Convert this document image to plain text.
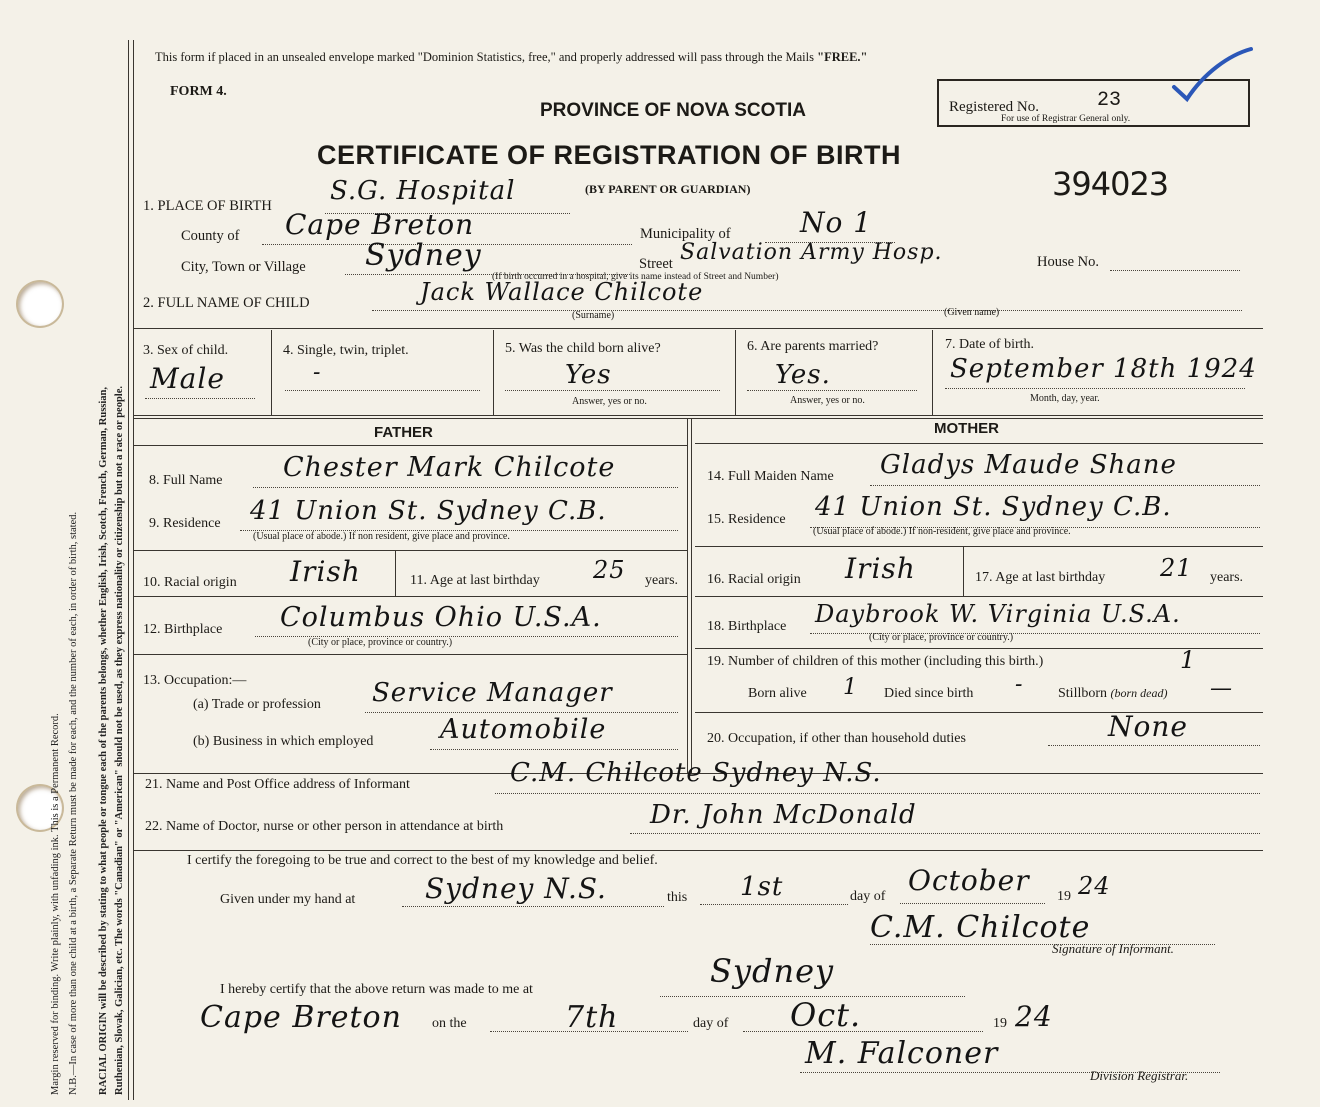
Margin reserved for binding. Write plainly, with unfading ink. This is a Permanent Record. N.B.—In case of more than one child at a birth, a Separate Return must be made for each, and the number of each, in order of birth, stated. RACIAL ORIGIN will be described by stating to what people or tongue each of the parents belongs, whether English, Irish, Scotch, French, German, Russian, Ruthenian, Slovak, Galician, etc. The words "Canadian" or "American" should not be used, as they express nationality or citizenship but not a race or people.
This form if placed in an unsealed envelope marked "Dominion Statistics, free," and properly addressed will pass through the Mails "FREE."
FORM 4.
PROVINCE OF NOVA SCOTIA	Registered No.	23
For use of Registrar General only.
CERTIFICATE OF REGISTRATION OF BIRTH
(BY PARENT OR GUARDIAN)	394023
1. PLACE OF BIRTH S.G. Hospital
County of Cape Breton	Municipality of No 1
City, Town or Village Sydney	Street Salvation Army Hosp.
(If birth occurred in a hospital, give its name instead of Street and Number)
House No.
2. FULL NAME OF CHILD	Jack Wallace Chilcote
(Surname)	(Given name)
3. Sex of child.
Male
4. Single, twin, triplet.
-
5. Was the child born alive?
Yes
Answer, yes or no.
6. Are parents married?
Yes.
Answer, yes or no.
7. Date of birth.
September 18th 1924
Month, day, year.
FATHER	MOTHER
8. Full Name Chester Mark Chilcote
9. Residence 41 Union St. Sydney C.B.
(Usual place of abode.) If non resident, give place and province.
10. Racial origin Irish	11. Age at last birthday 25 years.
12. Birthplace Columbus Ohio U.S.A.
(City or place, province or country.)
13. Occupation:—
(a) Trade or profession Service Manager
(b) Business in which employed Automobile
14. Full Maiden Name Gladys Maude Shane
15. Residence 41 Union St. Sydney C.B.
(Usual place of abode.) If non-resident, give place and province.
16. Racial origin Irish	17. Age at last birthday 21 years.
18. Birthplace Daybrook W. Virginia U.S.A.
(City or place, province or country.)
19. Number of children of this mother (including this birth.)	1
Born alive 1 Died since birth - Stillborn (born dead) —
20. Occupation, if other than household duties	None
21. Name and Post Office address of Informant	C.M. Chilcote Sydney N.S.
22. Name of Doctor, nurse or other person in attendance at birth	Dr. John McDonald
I certify the foregoing to be true and correct to the best of my knowledge and belief.
Given under my hand at Sydney N.S.	this 1st	day of October 19 24
C.M. Chilcote
Signature of Informant.
I hereby certify that the above return was made to me at	Sydney
Cape Breton on the	7th	day of Oct.	19 24
M. Falconer
Division Registrar.
